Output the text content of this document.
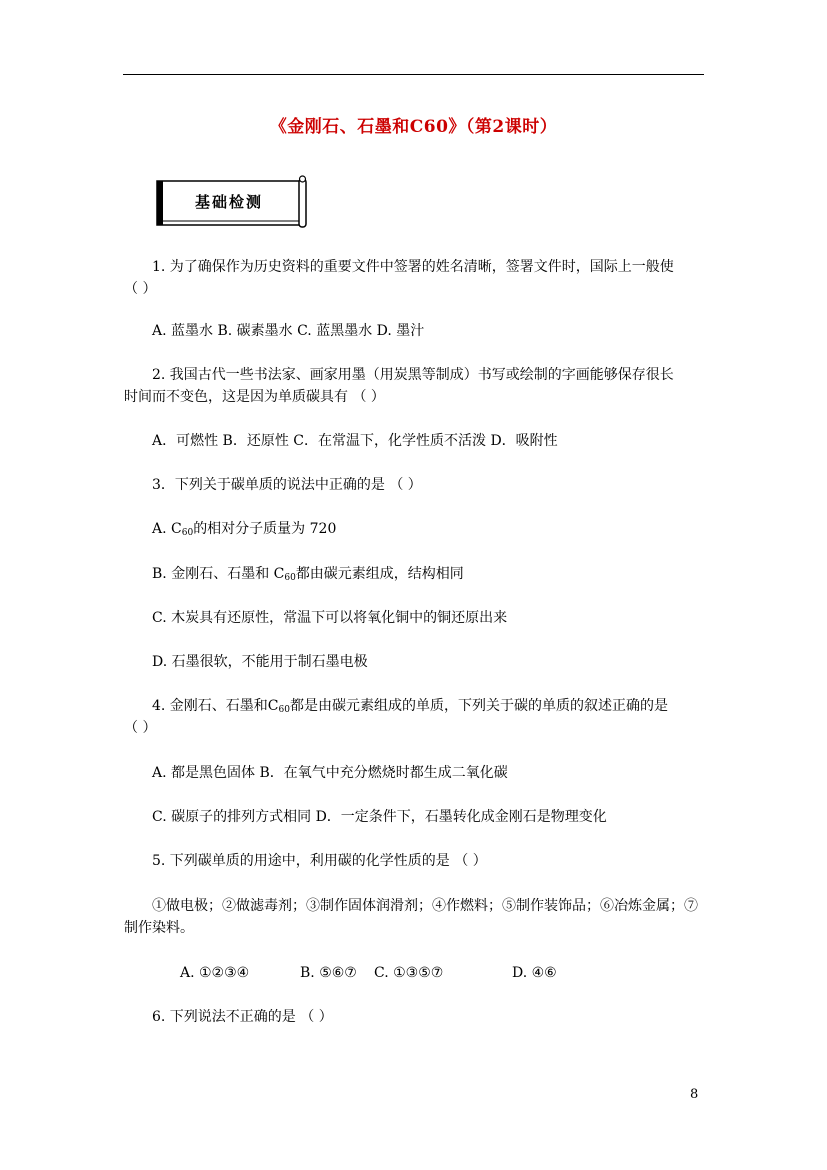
《金刚石、石墨和C60》（第2课时）
基础检测
1. 为了确保作为历史资料的重要文件中签署的姓名清晰，签署文件时，国际上一般使
（ ）
A. 蓝墨水 B. 碳素墨水 C. 蓝黑墨水 D. 墨汁
2. 我国古代一些书法家、画家用墨（用炭黑等制成）书写或绘制的字画能够保存很长
时间而不变色，这是因为单质碳具有 （ ）
A．可燃性 B．还原性 C．在常温下，化学性质不活泼 D．吸附性
3．下列关于碳单质的说法中正确的是 （ ）
A. $C_{60}$的相对分子质量为 720
B. 金刚石、石墨和 $C_{60}$都由碳元素组成，结构相同
C. 木炭具有还原性，常温下可以将氧化铜中的铜还原出来
D. 石墨很软，不能用于制石墨电极
4. 金刚石、石墨和$C_{60}$都是由碳元素组成的单质，下列关于碳的单质的叙述正确的是
（ ）
A. 都是黑色固体 B．在氧气中充分燃烧时都生成二氧化碳
C. 碳原子的排列方式相同 D．一定条件下，石墨转化成金刚石是物理变化
5. 下列碳单质的用途中，利用碳的化学性质的是 （ ）
①做电极；②做滤毒剂；③制作固体润滑剂；④作燃料；⑤制作装饰品；⑥冶炼金属；⑦
制作染料。
A. ①②③④	B. ⑤⑥⑦ C. ①③⑤⑦	D. ④⑥
6. 下列说法不正确的是 （ ）
8
